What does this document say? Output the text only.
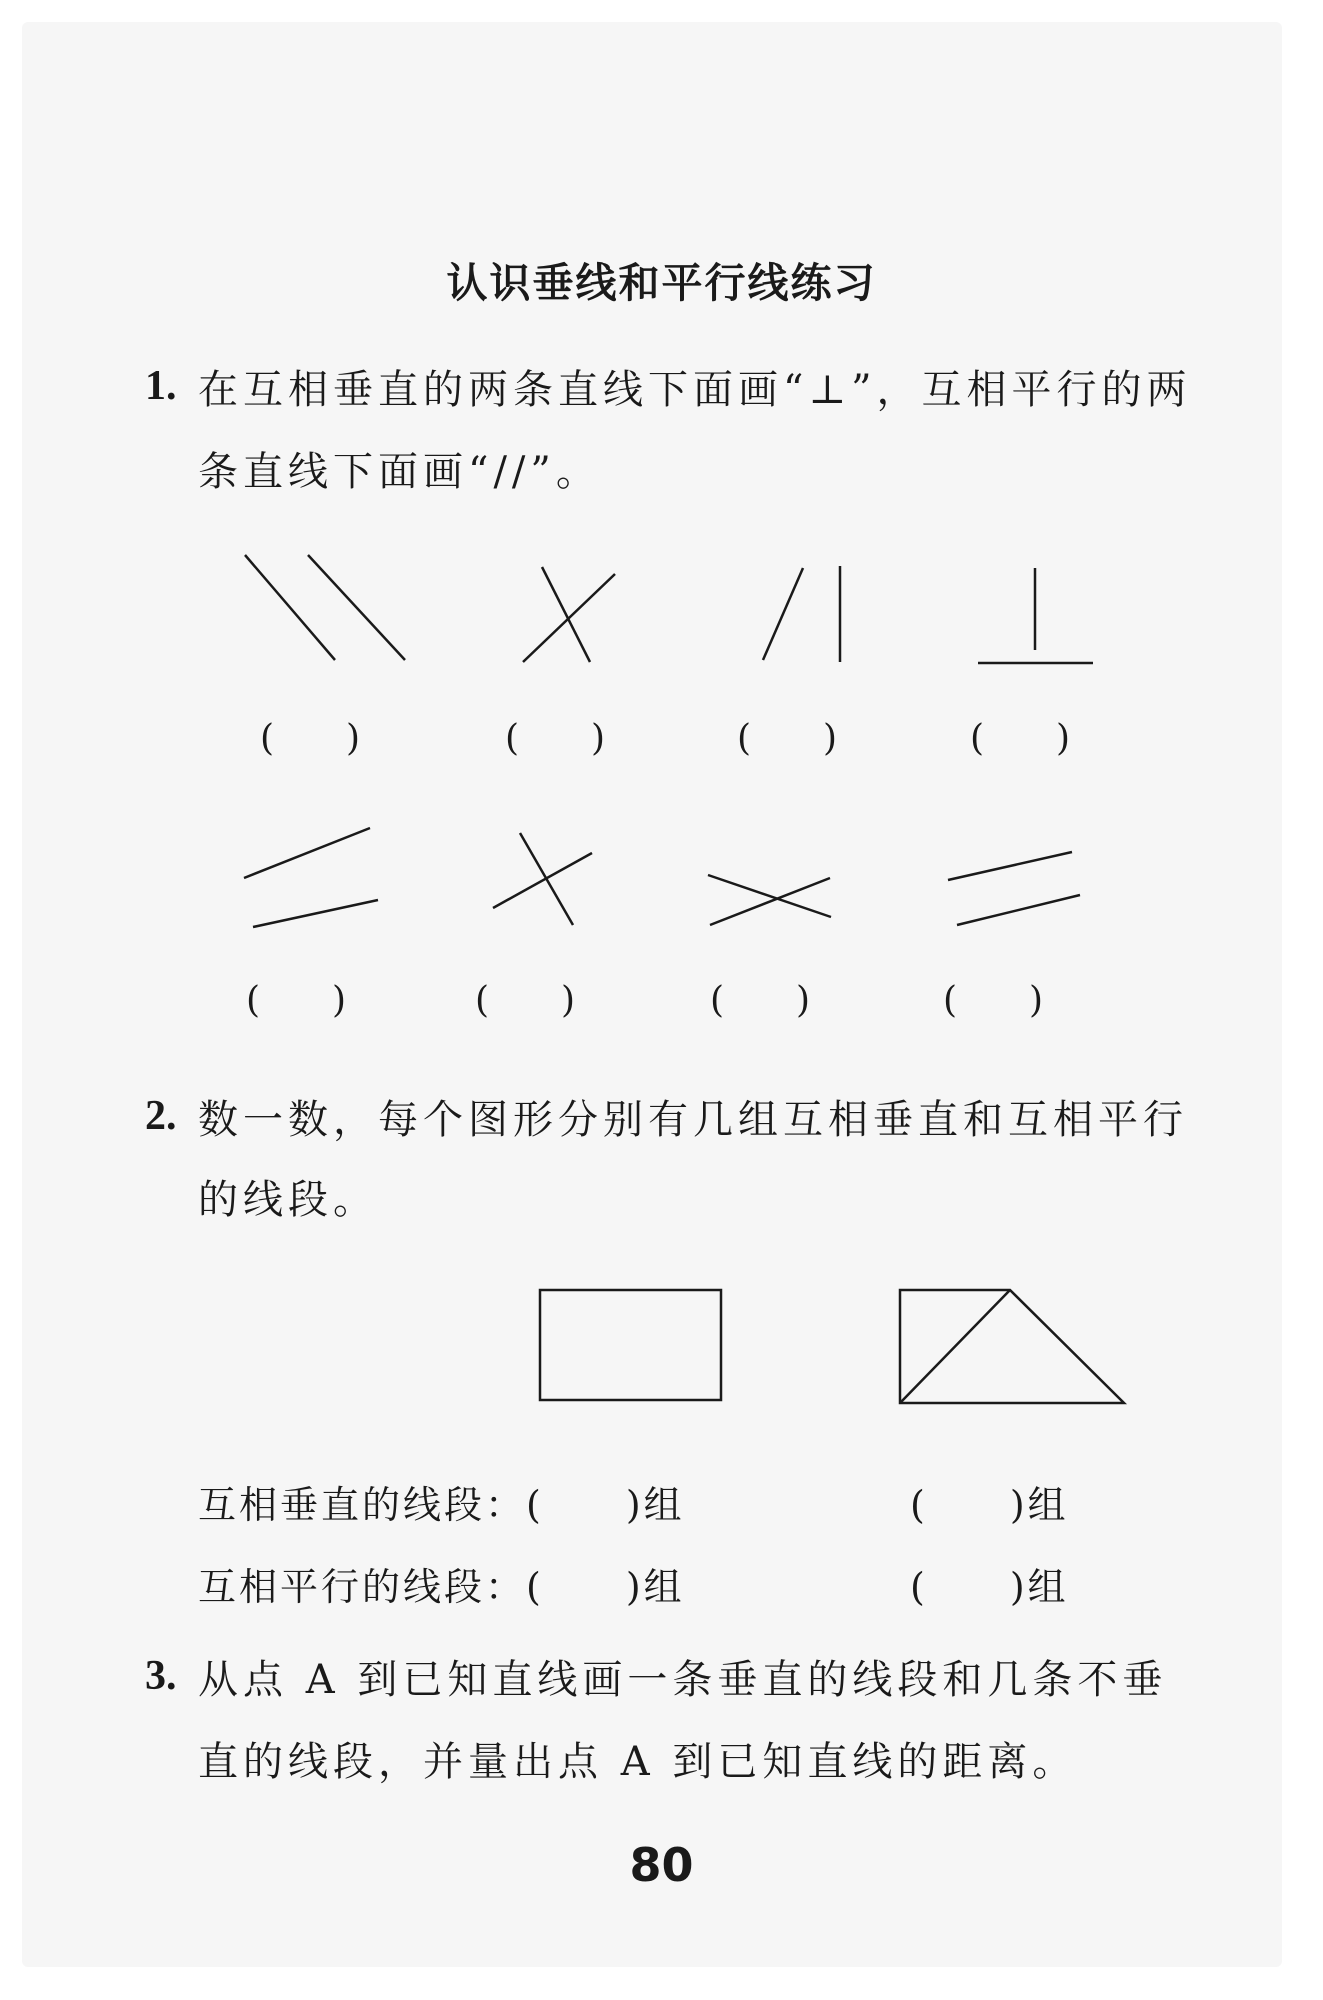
认识垂线和平行线练习
1. 在互相垂直的两条直线下面画“⊥”，互相平行的两
条直线下面画“//”。
(　　)	(　　)	(　　)	(　　)
(　　)	(　　)	(　　)	(　　)
2. 数一数，每个图形分别有几组互相垂直和互相平行
的线段。
互相垂直的线段：(　　)组	(　　)组
互相平行的线段：(　　)组	(　　)组
3. 从点 A 到已知直线画一条垂直的线段和几条不垂
直的线段，并量出点 A 到已知直线的距离。
80
